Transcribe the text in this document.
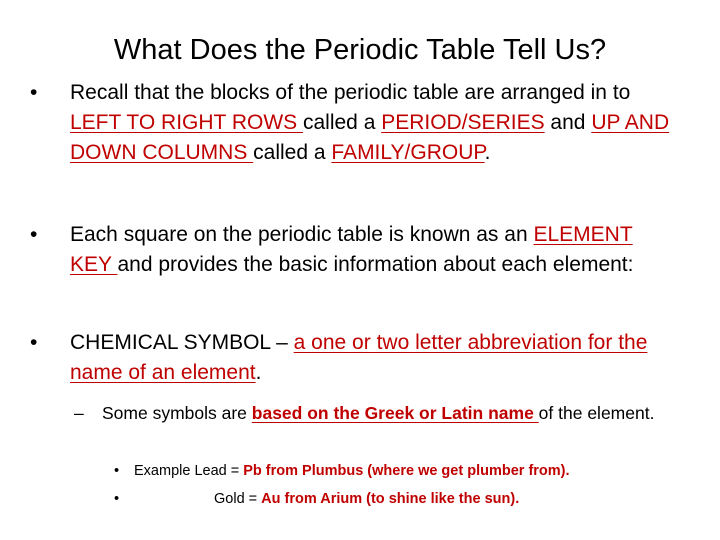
What Does the Periodic Table Tell Us?
• Recall that the blocks of the periodic table are arranged in to LEFT TO RIGHT ROWS called a PERIOD/SERIES and UP AND DOWN COLUMNS called a FAMILY/GROUP.
• Each square on the periodic table is known as an ELEMENT KEY and provides the basic information about each element:
• CHEMICAL SYMBOL – a one or two letter abbreviation for the name of an element.
– Some symbols are based on the Greek or Latin name of the element.
• Example Lead = Pb from Plumbus (where we get plumber from).
•	Gold = Au from Arium (to shine like the sun).
